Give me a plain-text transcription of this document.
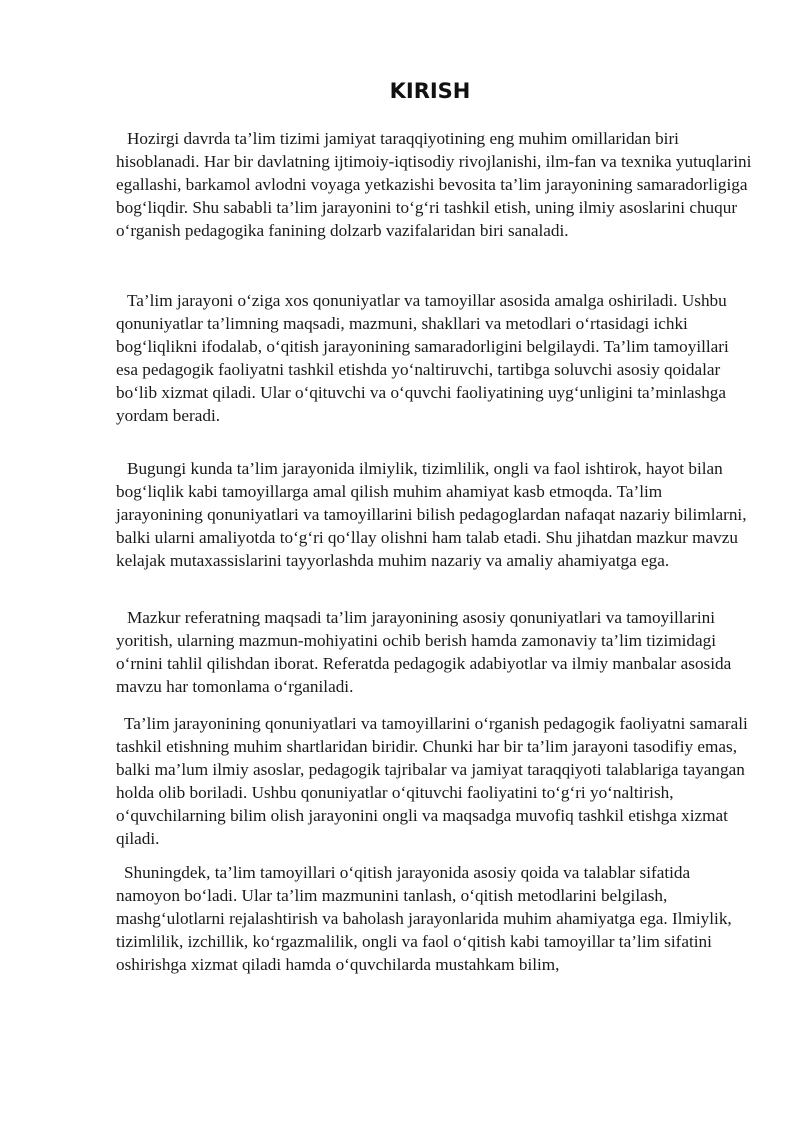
KIRISH

Hozirgi davrda ta’lim tizimi jamiyat taraqqiyotining eng muhim omillaridan biri hisoblanadi. Har bir davlatning ijtimoiy-iqtisodiy rivojlanishi, ilm-fan va texnika yutuqlarini egallashi, barkamol avlodni voyaga yetkazishi bevosita ta’lim jarayonining samaradorligiga bog‘liqdir. Shu sababli ta’lim jarayonini to‘g‘ri tashkil etish, uning ilmiy asoslarini chuqur o‘rganish pedagogika fanining dolzarb vazifalaridan biri sanaladi.

Ta’lim jarayoni o‘ziga xos qonuniyatlar va tamoyillar asosida amalga oshiriladi. Ushbu qonuniyatlar ta’limning maqsadi, mazmuni, shakllari va metodlari o‘rtasidagi ichki bog‘liqlikni ifodalab, o‘qitish jarayonining samaradorligini belgilaydi. Ta’lim tamoyillari esa pedagogik faoliyatni tashkil etishda yo‘naltiruvchi, tartibga soluvchi asosiy qoidalar bo‘lib xizmat qiladi. Ular o‘qituvchi va o‘quvchi faoliyatining uyg‘unligini ta’minlashga yordam beradi.

Bugungi kunda ta’lim jarayonida ilmiylik, tizimlilik, ongli va faol ishtirok, hayot bilan bog‘liqlik kabi tamoyillarga amal qilish muhim ahamiyat kasb etmoqda. Ta’lim jarayonining qonuniyatlari va tamoyillarini bilish pedagoglardan nafaqat nazariy bilimlarni, balki ularni amaliyotda to‘g‘ri qo‘llay olishni ham talab etadi. Shu jihatdan mazkur mavzu kelajak mutaxassislarini tayyorlashda muhim nazariy va amaliy ahamiyatga ega.

Mazkur referatning maqsadi ta’lim jarayonining asosiy qonuniyatlari va tamoyillarini yoritish, ularning mazmun-mohiyatini ochib berish hamda zamonaviy ta’lim tizimidagi o‘rnini tahlil qilishdan iborat. Referatda pedagogik adabiyotlar va ilmiy manbalar asosida mavzu har tomonlama o‘rganiladi.

Ta’lim jarayonining qonuniyatlari va tamoyillarini o‘rganish pedagogik faoliyatni samarali tashkil etishning muhim shartlaridan biridir. Chunki har bir ta’lim jarayoni tasodifiy emas, balki ma’lum ilmiy asoslar, pedagogik tajribalar va jamiyat taraqqiyoti talablariga tayangan holda olib boriladi. Ushbu qonuniyatlar o‘qituvchi faoliyatini to‘g‘ri yo‘naltirish, o‘quvchilarning bilim olish jarayonini ongli va maqsadga muvofiq tashkil etishga xizmat qiladi.

Shuningdek, ta’lim tamoyillari o‘qitish jarayonida asosiy qoida va talablar sifatida namoyon bo‘ladi. Ular ta’lim mazmunini tanlash, o‘qitish metodlarini belgilash, mashg‘ulotlarni rejalashtirish va baholash jarayonlarida muhim ahamiyatga ega. Ilmiylik, tizimlilik, izchillik, ko‘rgazmalilik, ongli va faol o‘qitish kabi tamoyillar ta’lim sifatini oshirishga xizmat qiladi hamda o‘quvchilarda mustahkam bilim,
